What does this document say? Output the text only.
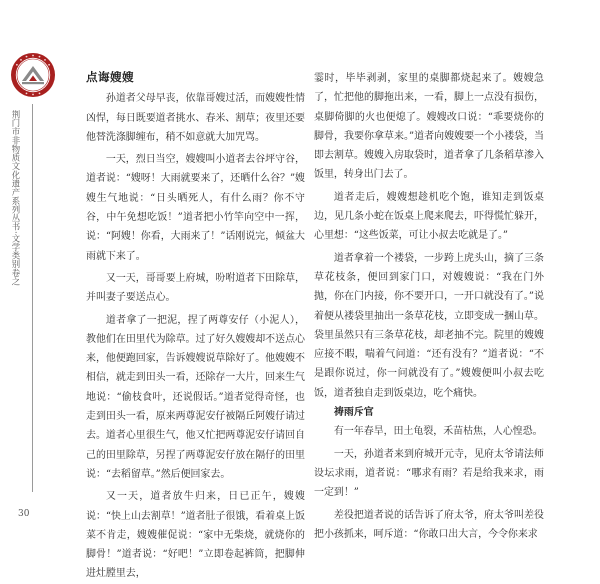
荆门市非物质文化遗产系列丛书·文学类别卷之
30
点诲嫂嫂

孙道者父母早丧，依靠哥嫂过活，而嫂嫂性情凶悍，每日既要道者挑水、春米、割草；夜里还要他替洗涤脚缠布，稍不如意就大加咒骂。

一天，烈日当空，嫂嫂叫小道者去谷坪守谷，道者说：“嫂呀！大雨就要来了，还晒什么谷？”嫂嫂生气地说：“日头晒死人，有什么雨？你不守谷，中午免想吃饭！”道者把小竹竿向空中一挥，说：“阿嫂！你看，大雨来了！”话刚说完，倾盆大雨就下来了。

又一天，哥哥要上府城，吩咐道者下田除草，并叫妻子要送点心。

道者拿了一把泥，捏了两尊安仔（小泥人），教他们在田里代为除草。过了好久嫂嫂却不送点心来，他便跑回家，告诉嫂嫂说草除好了。他嫂嫂不相信，就走到田头一看，还除存一大片，回来生气地说：“偷枝食叶，还说假话。”道者觉得奇怪，也走到田头一看，原来两尊泥安仔被隔丘阿嫂仔请过去。道者心里很生气，他又忙把两尊泥安仔请回自己的田里除草，另捏了两尊泥安仔放在隔仔的田里说：“去稻留草。”然后便回家去。

又一天，道者放牛归来，日已正午，嫂嫂说：“快上山去割草！”道者肚子很饿，看着桌上饭菜不肯走，嫂嫂催促说：“家中无柴烧，就烧你的脚骨！”道者说：“好吧！”立即卷起裤筒，把脚伸进灶膛里去，

霎时，毕毕剥剥，家里的桌脚都烧起来了。嫂嫂急了，忙把他的脚拖出来，一看，脚上一点没有损伤，桌脚倚脚的火也便熄了。嫂嫂改口说：“乖要烧你的脚骨，我要你拿草来。”道者向嫂嫂要一个小褛袋，当即去割草。嫂嫂入房取袋时，道者拿了几条稻草渗入饭里，转身出门去了。

道者走后，嫂嫂想趁机吃个饱，谁知走到饭桌边，见几条小蛇在饭桌上爬来爬去，吓得慌忙躲开，心里想：“这些饭菜，可让小叔去吃就是了。”

道者拿着一个褛袋，一步跨上虎头山，摘了三条草花枝条，便回到家门口，对嫂嫂说：“我在门外抛，你在门内接，你不要开口，一开口就没有了。”说着便从褛袋里抽出一条草花枝，立即变成一捆山草。袋里虽然只有三条草花枝，却老抽不完。院里的嫂嫂应接不暇，喘着气问道：“还有没有？”道者说：“不是跟你说过，你一问就没有了。”嫂嫂便叫小叔去吃饭，道者独自走到饭桌边，吃个痛快。

祷雨斥官

有一年春旱，田土龟裂，禾苗枯焦，人心惶恐。

一天，孙道者来到府城开元寺，见府太爷请法师设坛求雨，道者说：“哪求有雨？若是给我来求，雨一定到！”

差役把道者说的话告诉了府太爷，府太爷叫差役把小孩抓来，呵斥道：“你敢口出大言，今令你来求
